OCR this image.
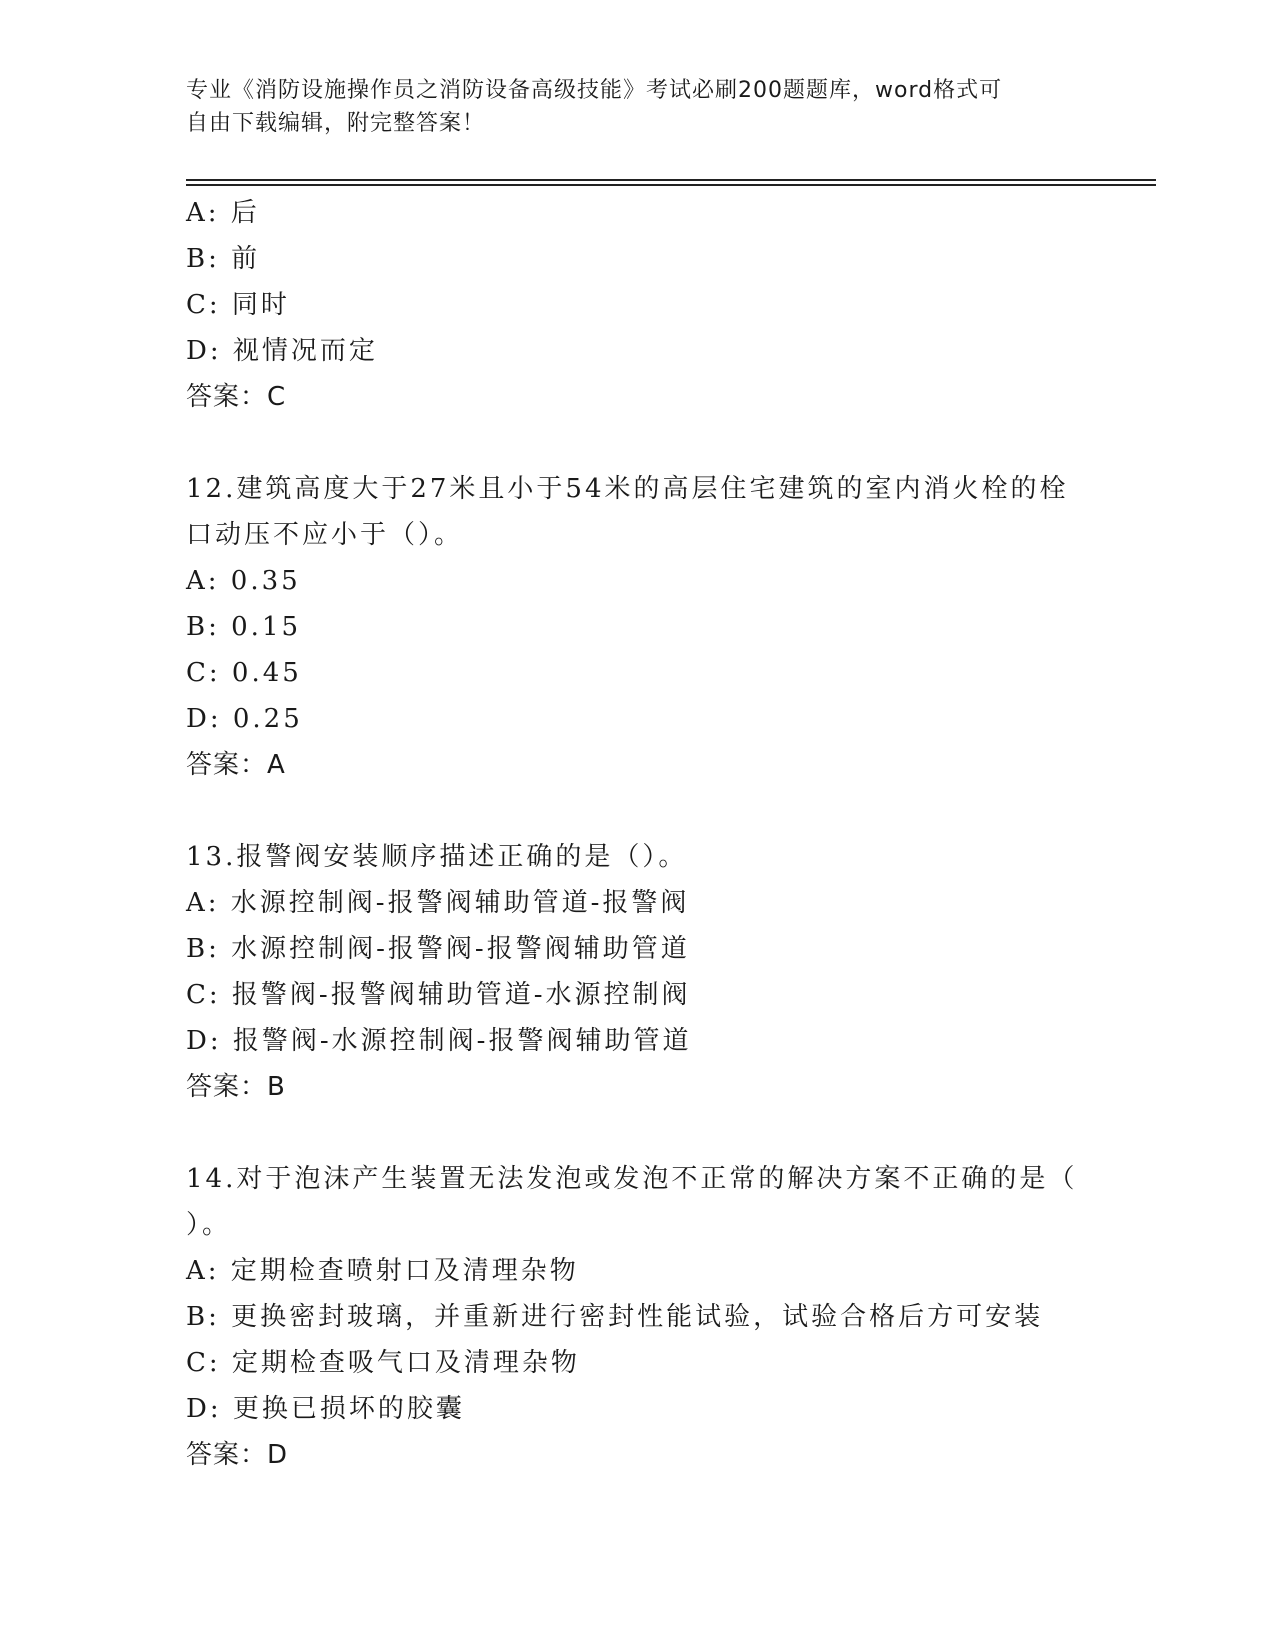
专业《消防设施操作员之消防设备高级技能》考试必刷200题题库，word格式可
自由下载编辑，附完整答案！
A: 后
B: 前
C: 同时
D: 视情况而定
答案：C
12.建筑高度大于27米且小于54米的高层住宅建筑的室内消火栓的栓
口动压不应小于（）。
A: 0.35
B: 0.15
C: 0.45
D: 0.25
答案：A
13.报警阀安装顺序描述正确的是（）。
A: 水源控制阀-报警阀辅助管道-报警阀
B: 水源控制阀-报警阀-报警阀辅助管道
C: 报警阀-报警阀辅助管道-水源控制阀
D: 报警阀-水源控制阀-报警阀辅助管道
答案：B
14.对于泡沫产生装置无法发泡或发泡不正常的解决方案不正确的是（
）。
A: 定期检查喷射口及清理杂物
B: 更换密封玻璃，并重新进行密封性能试验，试验合格后方可安装
C: 定期检查吸气口及清理杂物
D: 更换已损坏的胶囊
答案：D
